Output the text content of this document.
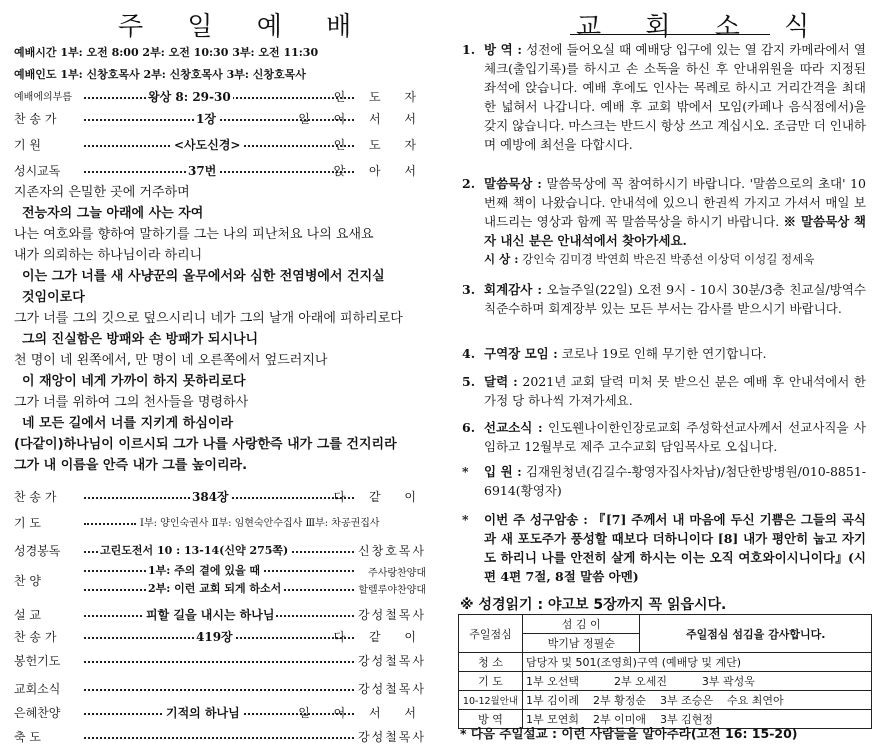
주 일 예 배
예배시간 1부: 오전 8:00 2부: 오전 10:30 3부: 오전 11:30
예배인도 1부: 신창호목사 2부: 신창호목사 3부: 신창호목사
예배에의부름	왕상 8: 29-30	인 도 자
찬 송 가	1장	일 어 서 서
기 원	<사도신경>	인 도 자
성시교독	37번	앉 아 서
지존자의 은밀한 곳에 거주하며
전능자의 그늘 아래에 사는 자여
나는 여호와를 향하여 말하기를 그는 나의 피난처요 나의 요새요
내가 의뢰하는 하나님이라 하리니
이는 그가 너를 새 사냥꾼의 올무에서와 심한 전염병에서 건지실
것임이로다
그가 너를 그의 깃으로 덮으시리니 네가 그의 날개 아래에 피하리로다
그의 진실함은 방패와 손 방패가 되시나니
천 명이 네 왼쪽에서, 만 명이 네 오른쪽에서 엎드러지나
이 재앙이 네게 가까이 하지 못하리로다
그가 너를 위하여 그의 천사들을 명령하사
네 모든 길에서 너를 지키게 하심이라
(다같이)하나님이 이르시되 그가 나를 사랑한즉 내가 그를 건지리라
그가 내 이름을 안즉 내가 그를 높이리라.
찬 송 가	384장	다 같 이
기 도	Ⅰ부: 양인숙권사 Ⅱ부: 임현숙안수집사 Ⅲ부: 차공권집사
성경봉독	고린도전서 10 : 13-14(신약 275쪽)	신창호목사
찬 양
1부: 주의 곁에 있을 때	주사랑찬양대
2부: 이런 교회 되게 하소서	할렐루야찬양대
설 교	피할 길을 내시는 하나님	강성철목사
찬 송 가	419장	다 같 이
봉헌기도	강성철목사
교회소식	강성철목사
은혜찬양	기적의 하나님	일 어 서 서
축 도	강성철목사
교 회 소 식
1. 방 역 : 성전에 들어오실 때 예배당 입구에 있는 열 감지 카메라에서 열 체크(출입기록)를 하시고 손 소독을 하신 후 안내위원을 따라 지정된 좌석에 앉습니다. 예배 후에도 인사는 목례로 하시고 거리간격을 최대한 넓혀서 나갑니다. 예배 후 교회 밖에서 모임(카페나 음식점에서)을 갖지 않습니다. 마스크는 반드시 항상 쓰고 계십시오. 조금만 더 인내하며 예방에 최선을 다합시다.
2. 말씀묵상 : 말씀묵상에 꼭 참여하시기 바랍니다. '말씀으로의 초대' 10번째 책이 나왔습니다. 안내석에 있으니 한권씩 가지고 가셔서 매일 보내드리는 영상과 함께 꼭 말씀묵상을 하시기 바랍니다. ※ 말씀묵상 책자 내신 분은 안내석에서 찾아가세요.
시 상 : 강인숙 김미경 박연희 박은진 박종선 이상덕 이성길 정세욱
3. 회계감사 : 오늘주일(22일) 오전 9시 - 10시 30분/3층 친교실/방역수칙준수하며 회계장부 있는 모든 부서는 감사를 받으시기 바랍니다.
4. 구역장 모임 : 코로나 19로 인해 무기한 연기합니다.
5. 달력 : 2021년 교회 달력 미처 못 받으신 분은 예배 후 안내석에서 한 가정 당 하나씩 가져가세요.
6. 선교소식 : 인도웬나이한인장로교회 주성학선교사께서 선교사직을 사임하고 12월부로 제주 고수교회 담임목사로 오십니다.
*	입 원 : 김재원청년(김길수-황영자집사차남)/첨단한방병원/010-8851-6914(황영자)
*	이번 주 성구암송 : 『[7] 주께서 내 마음에 두신 기쁨은 그들의 곡식과 새 포도주가 풍성할 때보다 더하니이다 [8] 내가 평안히 눕고 자기도 하리니 나를 안전히 살게 하시는 이는 오직 여호와이시니이다』(시편 4편 7절, 8절 말씀 아멘)
※ 성경읽기 : 야고보 5장까지 꼭 읽읍시다.
주일점심	섬 김 이	주일점심 섬김을 감사합니다.
	박기남 정필순	
청 소	담당자 및 501(조영희)구역 (예배당 및 계단)	
기 도	1부 오선택          2부 오세진          3부 곽성욱	
10-12월안내	1부 김이례    2부 황정순    3부 조승은    수요 최연아	
방 역	1부 모연희    2부 이미애    3부 김현정	
* 다음 주일설교 : 이런 사람들을 알아주라(고전 16: 15-20)
